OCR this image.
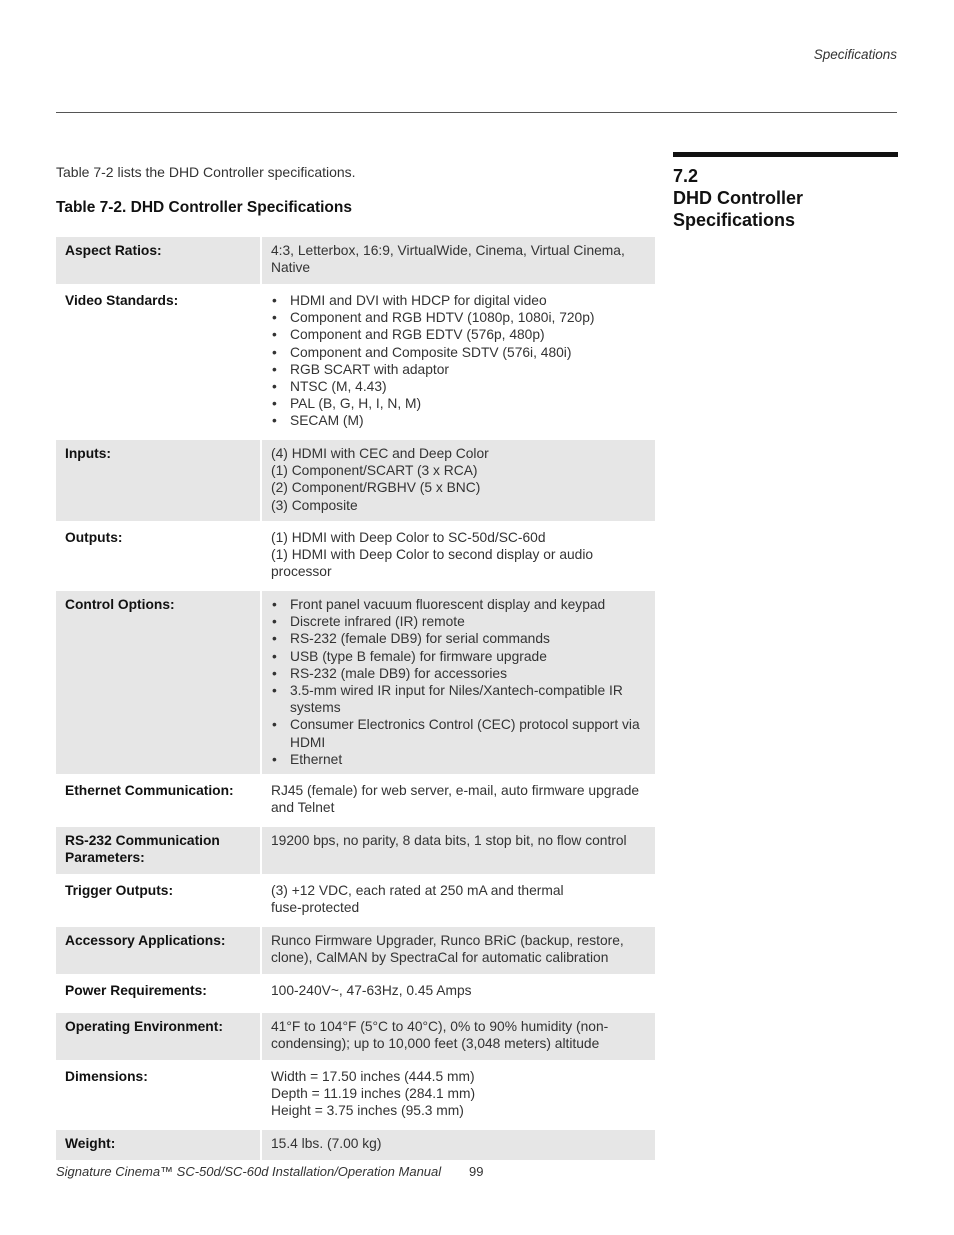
Specifications
7.2
DHD Controller Specifications
Table 7-2 lists the DHD Controller specifications.
Table 7-2. DHD Controller Specifications
Aspect Ratios:	4:3, Letterbox, 16:9, VirtualWide, Cinema, Virtual Cinema, Native
Video Standards:	• HDMI and DVI with HDCP for digital video
• Component and RGB HDTV (1080p, 1080i, 720p)
• Component and RGB EDTV (576p, 480p)
• Component and Composite SDTV (576i, 480i)
• RGB SCART with adaptor
• NTSC (M, 4.43)
• PAL (B, G, H, I, N, M)
• SECAM (M)
Inputs:	(4) HDMI with CEC and Deep Color
(1) Component/SCART (3 x RCA)
(2) Component/RGBHV (5 x BNC)
(3) Composite
Outputs:	(1) HDMI with Deep Color to SC-50d/SC-60d
(1) HDMI with Deep Color to second display or audio processor
Control Options:	• Front panel vacuum fluorescent display and keypad
• Discrete infrared (IR) remote
• RS-232 (female DB9) for serial commands
• USB (type B female) for firmware upgrade
• RS-232 (male DB9) for accessories
• 3.5-mm wired IR input for Niles/Xantech-compatible IR systems
• Consumer Electronics Control (CEC) protocol support via HDMI
• Ethernet
Ethernet Communication:	RJ45 (female) for web server, e-mail, auto firmware upgrade and Telnet
RS-232 Communication Parameters:
19200 bps, no parity, 8 data bits, 1 stop bit, no flow control
Trigger Outputs:	(3) +12 VDC, each rated at 250 mA and thermal
fuse-protected
Accessory Applications:	Runco Firmware Upgrader, Runco BRiC (backup, restore, clone), CalMAN by SpectraCal for automatic calibration
Power Requirements:	100-240V~, 47-63Hz, 0.45 Amps
Operating Environment:	41°F to 104°F (5°C to 40°C), 0% to 90% humidity (non-condensing); up to 10,000 feet (3,048 meters) altitude
Dimensions:	Width = 17.50 inches (444.5 mm)
Depth = 11.19 inches (284.1 mm)
Height = 3.75 inches (95.3 mm)
Weight:	15.4 lbs. (7.00 kg)
Signature Cinema™ SC-50d/SC-60d Installation/Operation Manual 99
